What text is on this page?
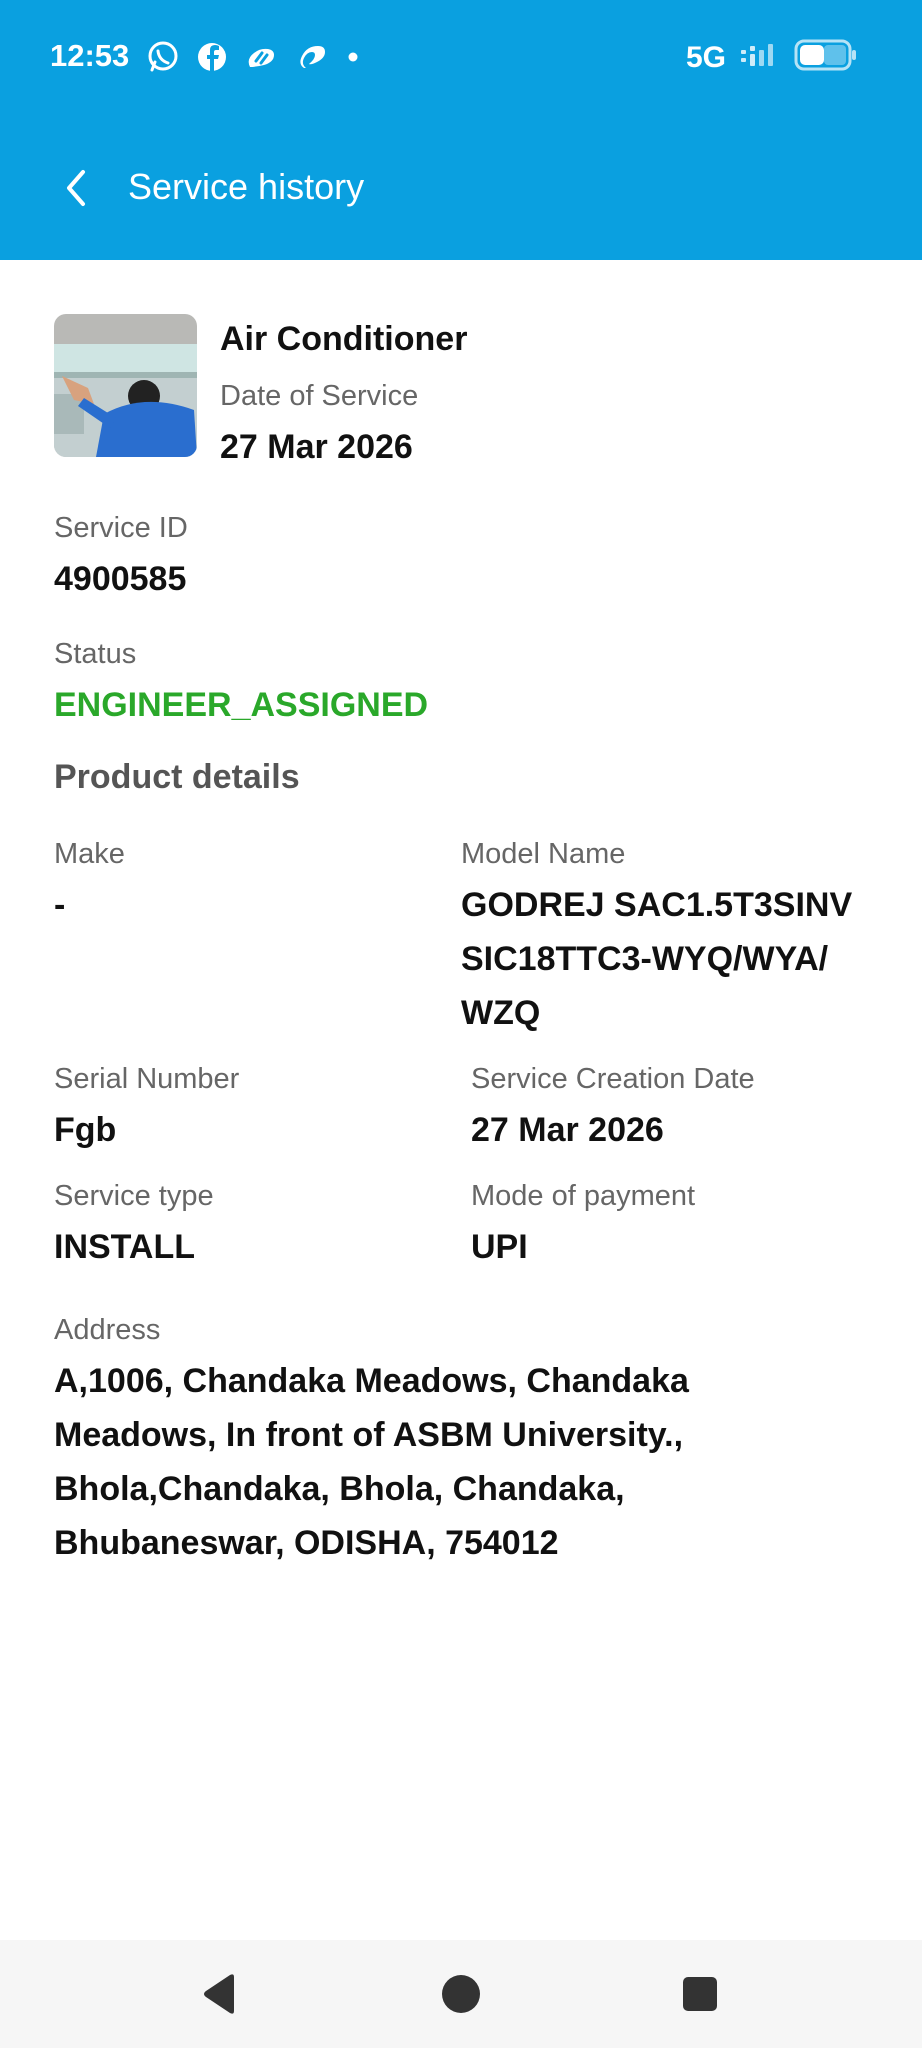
12:53	5G
Service history
Air Conditioner
Date of Service
27 Mar 2026
Service ID
4900585
Status
ENGINEER_ASSIGNED
Product details
Make
-
Model Name
GODREJ SAC1.5T3SINV
SIC18TTC3-WYQ/WYA/
WZQ
Serial Number
Fgb
Service Creation Date
27 Mar 2026
Service type
INSTALL
Mode of payment
UPI
Address
A,1006, Chandaka Meadows, Chandaka
Meadows, In front of ASBM University.,
Bhola,Chandaka, Bhola, Chandaka,
Bhubaneswar, ODISHA, 754012
